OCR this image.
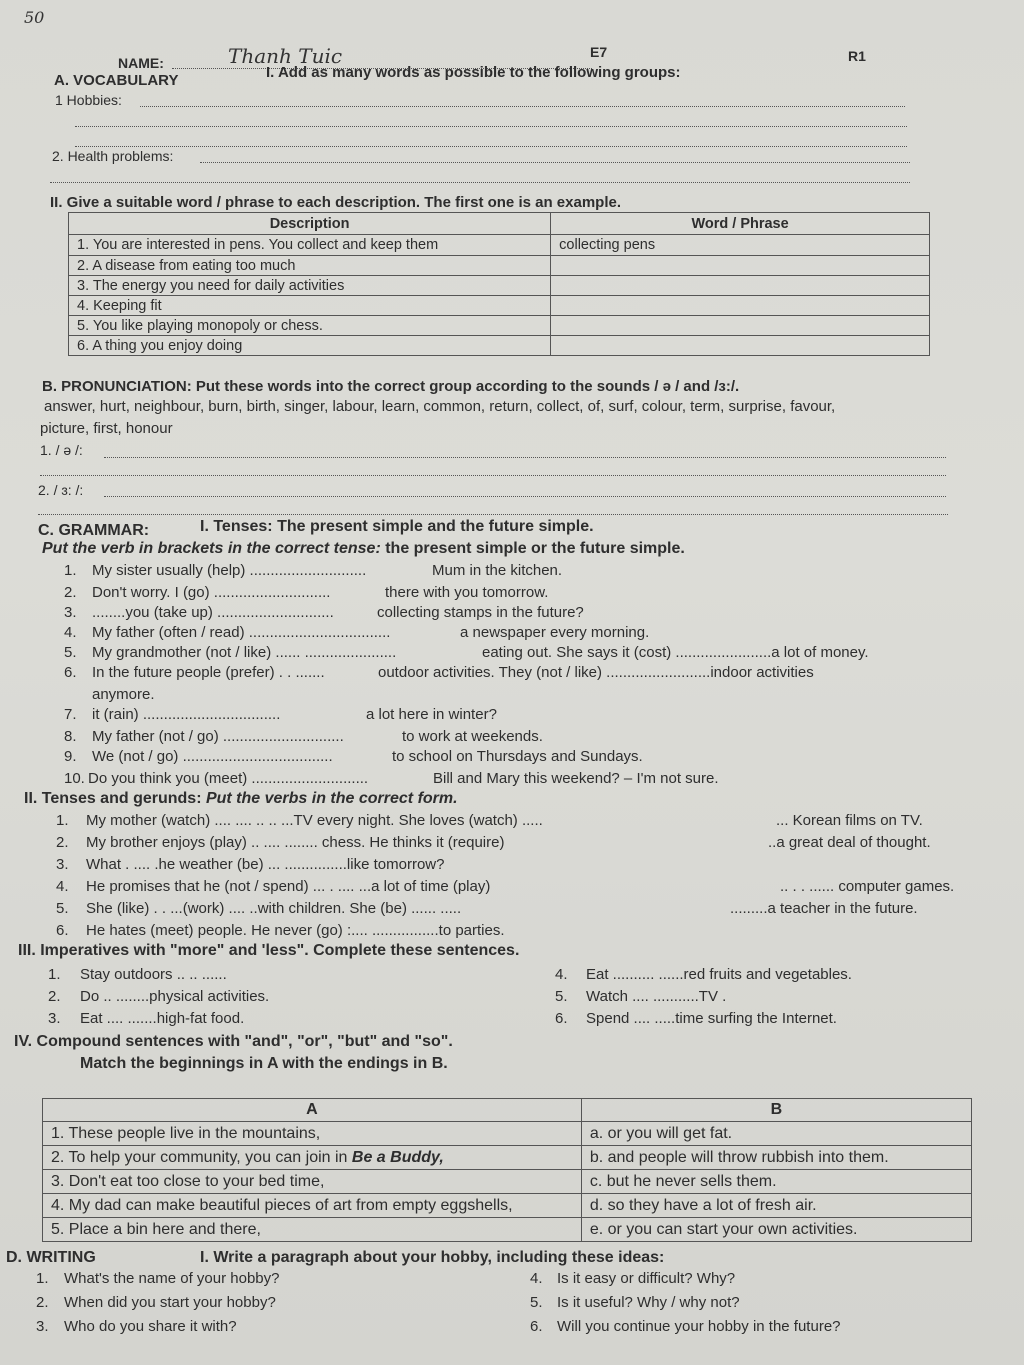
50
NAME:	Thanh Tuic	E7	R1
A. VOCABULARY	I. Add as many words as possible to the following groups:
1 Hobbies:
2. Health problems:
II. Give a suitable word / phrase to each description. The first one is an example.
Description	Word / Phrase
1. You are interested in pens. You collect and keep them	collecting pens
2. A disease from eating too much	
3. The energy you need for daily activities	
4. Keeping fit	
5. You like playing monopoly or chess.	
6. A thing you enjoy doing	
B. PRONUNCIATION: Put these words into the correct group according to the sounds / ə / and /ɜ:/.
answer, hurt, neighbour, burn, birth, singer, labour, learn, common, return, collect, of, surf, colour, term, surprise, favour,
picture, first, honour
1. / ə /:
2. / ɜ: /:
C. GRAMMAR:	I. Tenses: The present simple and the future simple.
Put the verb in brackets in the correct tense: the present simple or the future simple.
1. My sister usually (help) ............................	Mum in the kitchen.
2. Don't worry. I (go) ............................	there with you tomorrow.
3. ........you (take up) ............................	collecting stamps in the future?
4. My father (often / read) ..................................	a newspaper every morning.
5. My grandmother (not / like) ...... ......................	eating out. She says it (cost) .......................a lot of money.
6. In the future people (prefer) . . .......	outdoor activities. They (not / like) .........................indoor activities
anymore.
7. it (rain) .................................	a lot here in winter?
8. My father (not / go) .............................	to work at weekends.
9. We (not / go) ....................................	to school on Thursdays and Sundays.
10. Do you think you (meet) ............................	Bill and Mary this weekend? – I'm not sure.
II. Tenses and gerunds: Put the verbs in the correct form.
1. My mother (watch) .... .... .. .. ...TV every night. She loves (watch) .....	... Korean films on TV.
2. My brother enjoys (play) .. .... ........ chess. He thinks it (require)	..a great deal of thought.
3. What . .... .he weather (be) ... ...............like tomorrow?
4. He promises that he (not / spend) ... . .... ...a lot of time (play)	.. . . ...... computer games.
5. She (like) . . ...(work) .... ..with children. She (be) ...... .....	.........a teacher in the future.
6. He hates (meet) people. He never (go) :.... ................to parties.
III. Imperatives with "more" and 'less". Complete these sentences.
1. Stay outdoors .. .. ......
2. Do .. ........physical activities.
3. Eat .... .......high-fat food.
4. Eat .......... ......red fruits and vegetables.
5. Watch .... ...........TV .
6. Spend .... .....time surfing the Internet.
IV. Compound sentences with "and", "or", "but" and "so".
Match the beginnings in A with the endings in B.
A	B
1. These people live in the mountains,	a. or you will get fat.
2. To help your community, you can join in Be a Buddy,	b. and people will throw rubbish into them.
3. Don't eat too close to your bed time,	c. but he never sells them.
4. My dad can make beautiful pieces of art from empty eggshells,	d. so they have a lot of fresh air.
5. Place a bin here and there,	e. or you can start your own activities.
D. WRITING	I. Write a paragraph about your hobby, including these ideas:
1. What's the name of your hobby?
2. When did you start your hobby?
3. Who do you share it with?
4. Is it easy or difficult? Why?
5. Is it useful? Why / why not?
6. Will you continue your hobby in the future?
